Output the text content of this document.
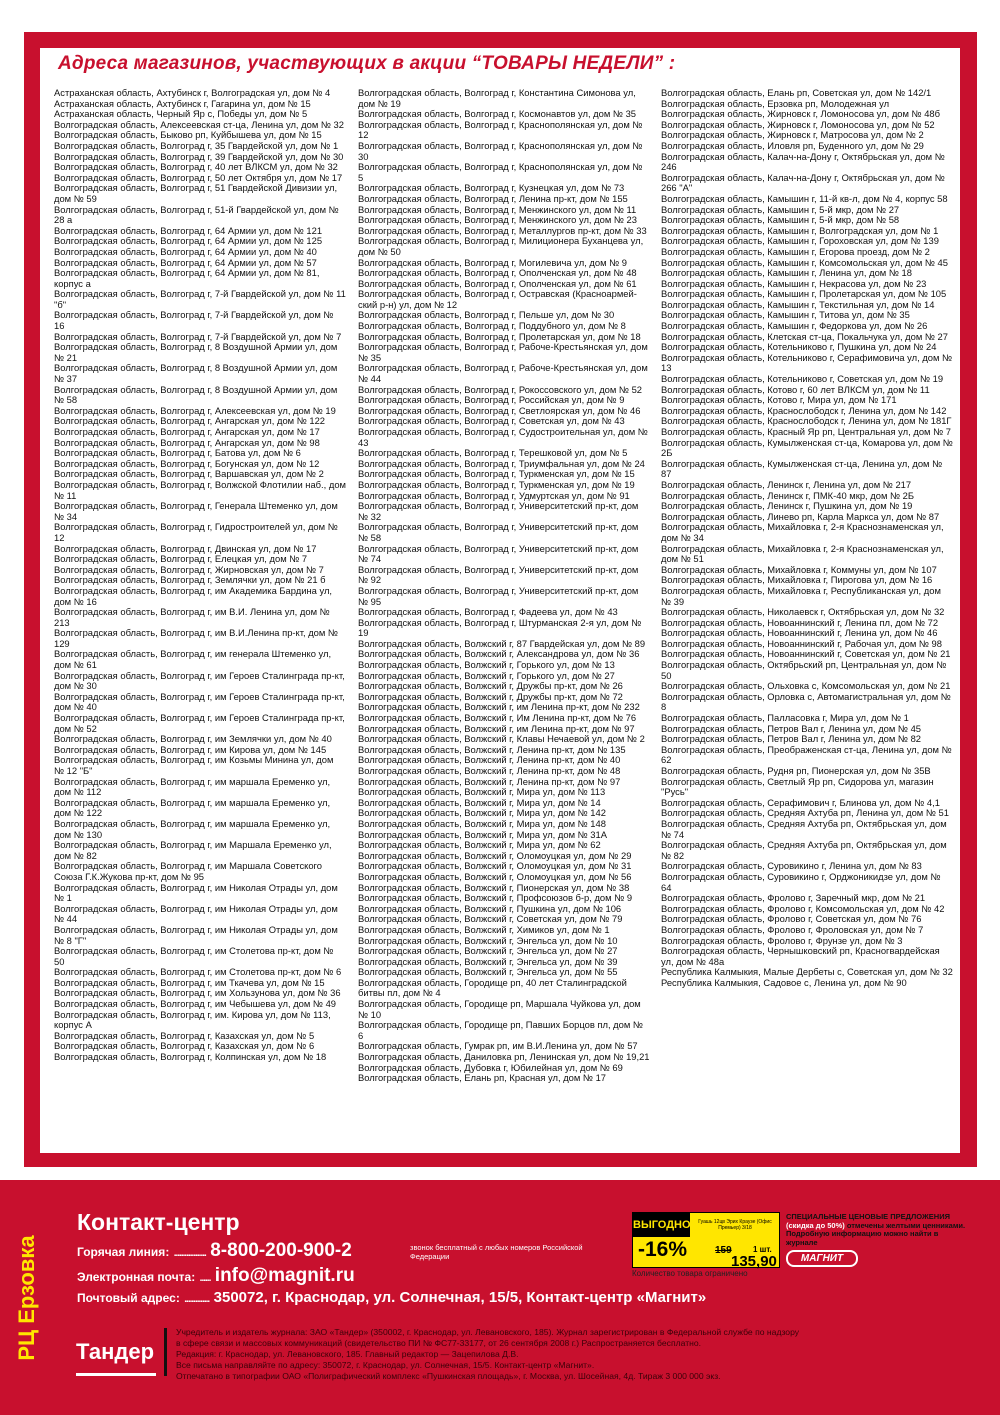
Адреса магазинов, участвующих в акции “ТОВАРЫ НЕДЕЛИ” :
Астраханская область, Ахтубинск г, Волгоградская ул, дом № 4
Астраханская область, Ахтубинск г, Гагарина ул, дом № 15
Астраханская область, Черный Яр с, Победы ул, дом № 5
Волгоградская область, Алексеевская ст-ца, Ленина ул, дом № 32
Волгоградская область, Быково рп, Куйбышева ул, дом № 15
Волгоградская область, Волгоград г, 35 Гвардейской ул, дом № 1
Волгоградская область, Волгоград г, 39 Гвардейской ул, дом № 30
Волгоградская область, Волгоград г, 40 лет ВЛКСМ ул, дом № 32
Волгоградская область, Волгоград г, 50 лет Октября ул, дом № 17
Волгоградская область, Волгоград г, 51 Гвардейской Дивизии ул, дом № 59
Волгоградская область, Волгоград г, 51-й Гвардейской ул, дом № 28 а
Волгоградская область, Волгоград г, 64 Армии ул, дом № 121
Волгоградская область, Волгоград г, 64 Армии ул, дом № 125
Волгоградская область, Волгоград г, 64 Армии ул, дом № 40
Волгоградская область, Волгоград г, 64 Армии ул, дом № 57
Волгоградская область, Волгоград г, 64 Армии ул, дом № 81, корпус а
Волгоградская область, Волгоград г, 7-й Гвардейской ул, дом № 11 "б"
Волгоградская область, Волгоград г, 7-й Гвардейской ул, дом № 16
Волгоградская область, Волгоград г, 7-й Гвардейской ул, дом № 7
Волгоградская область, Волгоград г, 8 Воздушной Армии ул, дом № 21
Волгоградская область, Волгоград г, 8 Воздушной Армии ул, дом № 37
Волгоградская область, Волгоград г, 8 Воздушной Армии ул, дом № 58
Волгоградская область, Волгоград г, Алексеевская ул, дом № 19
Волгоградская область, Волгоград г, Ангарская ул, дом № 122
Волгоградская область, Волгоград г, Ангарская ул, дом № 17
Волгоградская область, Волгоград г, Ангарская ул, дом № 98
Волгоградская область, Волгоград г, Батова ул, дом № 6
Волгоградская область, Волгоград г, Богунская ул, дом № 12
Волгоградская область, Волгоград г, Варшавская ул, дом № 2
Волгоградская область, Волгоград г, Волжской Флотилии наб., дом № 11
Волгоградская область, Волгоград г, Генерала Штеменко ул, дом № 34
Волгоградская область, Волгоград г, Гидростроителей ул, дом № 12
Волгоградская область, Волгоград г, Двинская ул, дом № 17
Волгоградская область, Волгоград г, Елецкая ул, дом № 7
Волгоградская область, Волгоград г, Жирновская ул, дом № 7
Волгоградская область, Волгоград г, Землячки ул, дом № 21 б
Волгоградская область, Волгоград г, им Академика Бардина ул, дом № 16
Волгоградская область, Волгоград г, им В.И. Ленина ул, дом № 213
Волгоградская область, Волгоград г, им В.И.Ленина пр-кт, дом № 129
Волгоградская область, Волгоград г, им генерала Штеменко ул, дом № 61
Волгоградская область, Волгоград г, им Героев Сталинграда пр-кт, дом № 30
Волгоградская область, Волгоград г, им Героев Сталинграда пр-кт, дом № 40
Волгоградская область, Волгоград г, им Героев Сталинграда пр-кт, дом № 52
Волгоградская область, Волгоград г, им Землячки ул, дом № 40
Волгоградская область, Волгоград г, им Кирова ул, дом № 145
Волгоградская область, Волгоград г, им Козьмы Минина ул, дом № 12 "Б"
Волгоградская область, Волгоград г, им маршала Еременко ул, дом № 112
Волгоградская область, Волгоград г, им маршала Еременко ул, дом № 122
Волгоградская область, Волгоград г, им маршала Еременко ул, дом № 130
Волгоградская область, Волгоград г, им Маршала Еременко ул, дом № 82
Волгоградская область, Волгоград г, им Маршала Советского Союза Г.К.Жукова пр-кт, дом № 95
Волгоградская область, Волгоград г, им Николая Отрады ул, дом № 1
Волгоградская область, Волгоград г, им Николая Отрады ул, дом № 44
Волгоградская область, Волгоград г, им Николая Отрады ул, дом № 8 "Г"
Волгоградская область, Волгоград г, им Столетова пр-кт, дом № 50
Волгоградская область, Волгоград г, им Столетова пр-кт, дом № 6
Волгоградская область, Волгоград г, им Ткачева ул, дом № 15
Волгоградская область, Волгоград г, им Хользунова ул, дом № 36
Волгоградская область, Волгоград г, им Чебышева ул, дом № 49
Волгоградская область, Волгоград г, им. Кирова ул, дом № 113, корпус А
Волгоградская область, Волгоград г, Казахская ул, дом № 5
Волгоградская область, Волгоград г, Казахская ул, дом № 6
Волгоградская область, Волгоград г, Колпинская ул, дом № 18
Волгоградская область, Волгоград г, Константина Симонова ул, дом № 19
Волгоградская область, Волгоград г, Космонавтов ул, дом № 35
Волгоградская область, Волгоград г, Краснополянская ул, дом № 12
Волгоградская область, Волгоград г, Краснополянская ул, дом № 30
Волгоградская область, Волгоград г, Краснополянская ул, дом № 5
Волгоградская область, Волгоград г, Кузнецкая ул, дом № 73
Волгоградская область, Волгоград г, Ленина пр-кт, дом № 155
Волгоградская область, Волгоград г, Менжинского ул, дом № 11
Волгоградская область, Волгоград г, Менжинского ул, дом № 23
Волгоградская область, Волгоград г, Металлургов пр-кт, дом № 33
Волгоградская область, Волгоград г, Милиционера Буханцева ул, дом № 50
Волгоградская область, Волгоград г, Могилевича ул, дом № 9
Волгоградская область, Волгоград г, Ополченская ул, дом № 48
Волгоградская область, Волгоград г, Ополченская ул, дом № 61
Волгоградская область, Волгоград г, Остравская (Красноармей-ский р-н) ул, дом № 12
Волгоградская область, Волгоград г, Пельше ул, дом № 30
Волгоградская область, Волгоград г, Поддубного ул, дом № 8
Волгоградская область, Волгоград г, Пролетарская ул, дом № 18
Волгоградская область, Волгоград г, Рабоче-Крестьянская ул, дом № 35
Волгоградская область, Волгоград г, Рабоче-Крестьянская ул, дом № 44
Волгоградская область, Волгоград г, Рокоссовского ул, дом № 52
Волгоградская область, Волгоград г, Российская ул, дом № 9
Волгоградская область, Волгоград г, Светлоярская ул, дом № 46
Волгоградская область, Волгоград г, Советская ул, дом № 43
Волгоградская область, Волгоград г, Судостроительная ул, дом № 43
Волгоградская область, Волгоград г, Терешковой ул, дом № 5
Волгоградская область, Волгоград г, Триумфальная ул, дом № 24
Волгоградская область, Волгоград г, Туркменская ул, дом № 15
Волгоградская область, Волгоград г, Туркменская ул, дом № 19
Волгоградская область, Волгоград г, Удмуртская ул, дом № 91
Волгоградская область, Волгоград г, Университетский пр-кт, дом № 32
Волгоградская область, Волгоград г, Университетский пр-кт, дом № 58
Волгоградская область, Волгоград г, Университетский пр-кт, дом № 74
Волгоградская область, Волгоград г, Университетский пр-кт, дом № 92
Волгоградская область, Волгоград г, Университетский пр-кт, дом № 95
Волгоградская область, Волгоград г, Фадеева ул, дом № 43
Волгоградская область, Волгоград г, Штурманская 2-я ул, дом № 19
Волгоградская область, Волжский г, 87 Гвардейская ул, дом № 89
Волгоградская область, Волжский г, Александрова ул, дом № 36
Волгоградская область, Волжский г, Горького ул, дом № 13
Волгоградская область, Волжский г, Горького ул, дом № 27
Волгоградская область, Волжский г, Дружбы пр-кт, дом № 26
Волгоградская область, Волжский г, Дружбы пр-кт, дом № 72
Волгоградская область, Волжский г, им Ленина пр-кт, дом № 232
Волгоградская область, Волжский г, Им Ленина пр-кт, дом № 76
Волгоградская область, Волжский г, им Ленина пр-кт, дом № 97
Волгоградская область, Волжский г, Клавы Нечаевой ул, дом № 2
Волгоградская область, Волжский г, Ленина пр-кт, дом № 135
Волгоградская область, Волжский г, Ленина пр-кт, дом № 40
Волгоградская область, Волжский г, Ленина пр-кт, дом № 48
Волгоградская область, Волжский г, Ленина пр-кт, дом № 97
Волгоградская область, Волжский г, Мира ул, дом № 113
Волгоградская область, Волжский г, Мира ул, дом № 14
Волгоградская область, Волжский г, Мира ул, дом № 142
Волгоградская область, Волжский г, Мира ул, дом № 148
Волгоградская область, Волжский г, Мира ул, дом № 31А
Волгоградская область, Волжский г, Мира ул, дом № 62
Волгоградская область, Волжский г, Оломоуцкая ул, дом № 29
Волгоградская область, Волжский г, Оломоуцкая ул, дом № 31
Волгоградская область, Волжский г, Оломоуцкая ул, дом № 56
Волгоградская область, Волжский г, Пионерская ул, дом № 38
Волгоградская область, Волжский г, Профсоюзов б-р, дом № 9
Волгоградская область, Волжский г, Пушкина ул, дом № 106
Волгоградская область, Волжский г, Советская ул, дом № 79
Волгоградская область, Волжский г, Химиков ул, дом № 1
Волгоградская область, Волжский г, Энгельса ул, дом № 10
Волгоградская область, Волжский г, Энгельса ул, дом № 27
Волгоградская область, Волжский г, Энгельса ул, дом № 39
Волгоградская область, Волжский г, Энгельса ул, дом № 55
Волгоградская область, Городище рп, 40 лет Сталинградской битвы пл, дом № 4
Волгоградская область, Городище рп, Маршала Чуйкова ул, дом № 10
Волгоградская область, Городище рп, Павших Борцов пл, дом № 6
Волгоградская область, Гумрак рп, им В.И.Ленина ул, дом № 57
Волгоградская область, Даниловка рп, Ленинская ул, дом № 19,21
Волгоградская область, Дубовка г, Юбилейная ул, дом № 69
Волгоградская область, Елань рп, Красная ул, дом № 17
Волгоградская область, Елань рп, Советская ул, дом № 142/1
Волгоградская область, Ерзовка рп, Молодежная ул
Волгоградская область, Жирновск г, Ломоносова ул, дом № 48б
Волгоградская область, Жирновск г, Ломоносова ул, дом № 52
Волгоградская область, Жирновск г, Матросова ул, дом № 2
Волгоградская область, Иловля рп, Буденного ул, дом № 29
Волгоградская область, Калач-на-Дону г, Октябрьская ул, дом № 246
Волгоградская область, Калач-на-Дону г, Октябрьская ул, дом № 266 "А"
Волгоградская область, Камышин г, 11-й кв-л, дом № 4, корпус 58
Волгоградская область, Камышин г, 5-й мкр, дом № 27
Волгоградская область, Камышин г, 5-й мкр, дом № 58
Волгоградская область, Камышин г, Волгоградская ул, дом № 1
Волгоградская область, Камышин г, Гороховская ул, дом № 139
Волгоградская область, Камышин г, Егорова проезд, дом № 2
Волгоградская область, Камышин г, Комсомольская ул, дом № 45
Волгоградская область, Камышин г, Ленина ул, дом № 18
Волгоградская область, Камышин г, Некрасова ул, дом № 23
Волгоградская область, Камышин г, Пролетарская ул, дом № 105
Волгоградская область, Камышин г, Текстильная ул, дом № 14
Волгоградская область, Камышин г, Титова ул, дом № 35
Волгоградская область, Камышин г, Федоркова ул, дом № 26
Волгоградская область, Клетская ст-ца, Покальчука ул, дом № 27
Волгоградская область, Котельниково г, Пушкина ул, дом № 24
Волгоградская область, Котельниково г, Серафимовича ул, дом № 13
Волгоградская область, Котельниково г, Советская ул, дом № 19
Волгоградская область, Котово г, 60 лет ВЛКСМ ул, дом № 11
Волгоградская область, Котово г, Мира ул, дом № 171
Волгоградская область, Краснослободск г, Ленина ул, дом № 142
Волгоградская область, Краснослободск г, Ленина ул, дом № 181Г
Волгоградская область, Красный Яр рп, Центральная ул, дом № 7
Волгоградская область, Кумылженская ст-ца, Комарова ул, дом № 2Б
Волгоградская область, Кумылженская ст-ца, Ленина ул, дом № 87
Волгоградская область, Ленинск г, Ленина ул, дом № 217
Волгоградская область, Ленинск г, ПМК-40 мкр, дом № 2Б
Волгоградская область, Ленинск г, Пушкина ул, дом № 19
Волгоградская область, Линево рп, Карла Маркса ул, дом № 87
Волгоградская область, Михайловка г, 2-я Краснознаменская ул, дом № 34
Волгоградская область, Михайловка г, 2-я Краснознаменская ул, дом № 51
Волгоградская область, Михайловка г, Коммуны ул, дом № 107
Волгоградская область, Михайловка г, Пирогова ул, дом № 16
Волгоградская область, Михайловка г, Республиканская ул, дом № 39
Волгоградская область, Николаевск г, Октябрьская ул, дом № 32
Волгоградская область, Новоаннинский г, Ленина пл, дом № 72
Волгоградская область, Новоаннинский г, Ленина ул, дом № 46
Волгоградская область, Новоаннинский г, Рабочая ул, дом № 98
Волгоградская область, Новоаннинский г, Советская ул, дом № 21
Волгоградская область, Октябрьский рп, Центральная ул, дом № 50
Волгоградская область, Ольховка с, Комсомольская ул, дом № 21
Волгоградская область, Орловка с, Автомагистральная ул, дом № 8
Волгоградская область, Палласовка г, Мира ул, дом № 1
Волгоградская область, Петров Вал г, Ленина ул, дом № 45
Волгоградская область, Петров Вал г, Ленина ул, дом № 82
Волгоградская область, Преображенская ст-ца, Ленина ул, дом № 62
Волгоградская область, Рудня рп, Пионерская ул, дом № 35В
Волгоградская область, Светлый Яр рп, Сидорова ул, магазин "Русь"
Волгоградская область, Серафимович г, Блинова ул, дом № 4,1
Волгоградская область, Средняя Ахтуба рп, Ленина ул, дом № 51
Волгоградская область, Средняя Ахтуба рп, Октябрьская ул, дом № 74
Волгоградская область, Средняя Ахтуба рп, Октябрьская ул, дом № 82
Волгоградская область, Суровикино г, Ленина ул, дом № 83
Волгоградская область, Суровикино г, Орджоникидзе ул, дом № 64
Волгоградская область, Фролово г, Заречный мкр, дом № 21
Волгоградская область, Фролово г, Комсомольская ул, дом № 42
Волгоградская область, Фролово г, Советская ул, дом № 76
Волгоградская область, Фролово г, Фроловская ул, дом № 7
Волгоградская область, Фролово г, Фрунзе ул, дом № 3
Волгоградская область, Чернышковский рп, Красногвардейская ул, дом № 48а
Республика Калмыкия, Малые Дербеты с, Советская ул, дом № 32
Республика Калмыкия, Садовое с, Ленина ул, дом № 90
РЦ Ерзовка
Контакт-центр
Горячая линия: .................. 8-800-200-900-2	звонок бесплатный с любых номеров Российской Федерации
Электронная почта: ...... info@magnit.ru
Почтовый адрес: .............. 350072, г. Краснодар, ул. Солнечная, 15/5, Контакт-центр «Магнит»
ВЫГОДНО
-16%
Гуашь 12цв Эрих Краузе (Офис Премьер) 3/18
159	1 шт.
135,90
Количество товара ограничено
СПЕЦИАЛЬНЫЕ ЦЕНОВЫЕ ПРЕДЛОЖЕНИЯ (скидка до 50%) отмечены желтыми ценниками. Подробную информацию можно найти в журнале
МАГНИТ
Тандер
Учредитель и издатель журнала: ЗАО «Тандер» (350002, г. Краснодар, ул. Левановского, 185). Журнал зарегистрирован в Федеральной службе по надзору
в сфере связи и массовых коммуникаций (свидетельство ПИ № ФС77-33177, от 26 сентября 2008 г.) Распространяется бесплатно.
Редакция: г. Краснодар, ул. Левановского, 185. Главный редактор — Зацепилова Д.В.
Все письма направляйте по адресу: 350072, г. Краснодар, ул. Солнечная, 15/5. Контакт-центр «Магнит».
Отпечатано в типографии ОАО «Полиграфический комплекс «Пушкинская площадь», г. Москва, ул. Шосейная, 4д. Тираж 3 000 000 экз.
